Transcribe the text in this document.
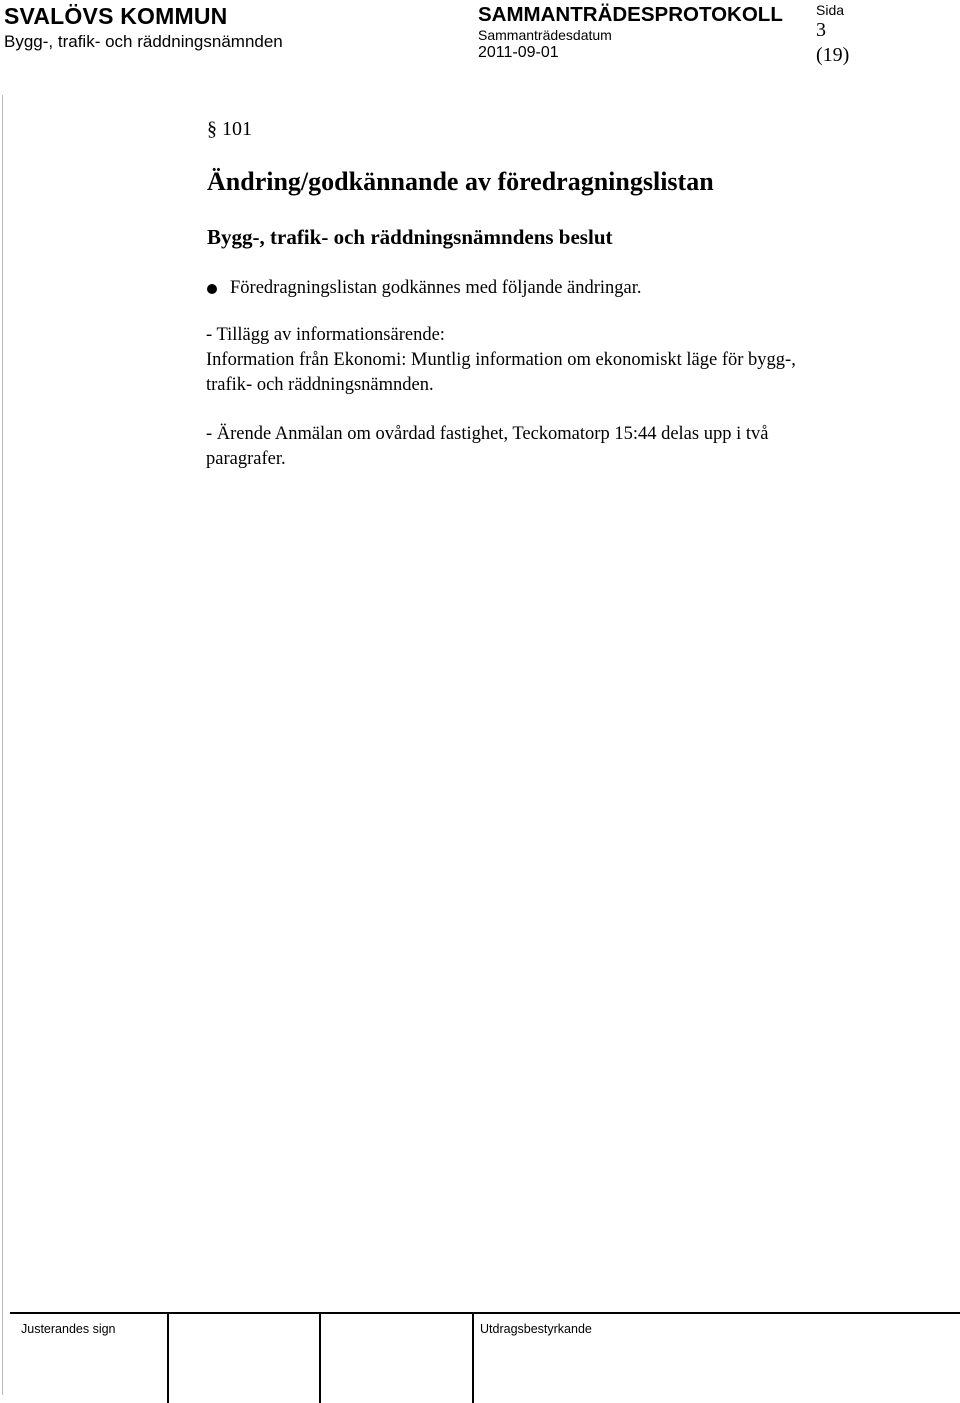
SVALÖVS KOMMUN
Bygg-, trafik- och räddningsnämnden
SAMMANTRÄDESPROTOKOLL
Sammanträdesdatum
2011-09-01
Sida
3
(19)
§ 101
Ändring/godkännande av föredragningslistan
Bygg-, trafik- och räddningsnämndens beslut
Föredragningslistan godkännes med följande ändringar.
- Tillägg av informationsärende:
Information från Ekonomi: Muntlig information om ekonomiskt läge för bygg-,
trafik- och räddningsnämnden.
- Ärende Anmälan om ovårdad fastighet, Teckomatorp 15:44 delas upp i två
paragrafer.
Justerandes sign	Utdragsbestyrkande
